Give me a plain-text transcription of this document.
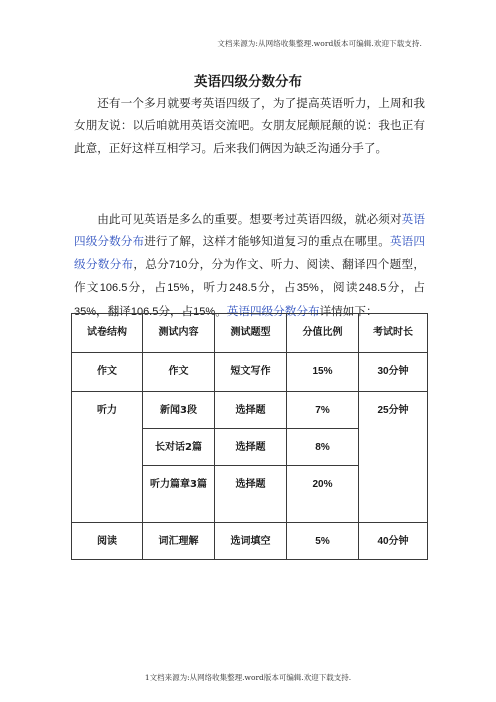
文档来源为:从网络收集整理.word版本可编辑.欢迎下载支持.
英语四级分数分布
还有一个多月就要考英语四级了，为了提高英语听力，上周和我女朋友说：以后咱就用英语交流吧。女朋友屁颠屁颠的说：我也正有此意，正好这样互相学习。后来我们俩因为缺乏沟通分手了。
由此可见英语是多么的重要。想要考过英语四级，就必须对英语四级分数分布进行了解，这样才能够知道复习的重点在哪里。英语四级分数分布，总分710分，分为作文、听力、阅读、翻译四个题型，作文106.5分，占15%，听力248.5分，占35%，阅读248.5分，占35%，翻译106.5分，占15%。英语四级分数分布详情如下：
试卷结构	测试内容	测试题型	分值比例	考试时长
作文	作文	短文写作	15%	30分钟
听力	新闻3段	选择题	7%	25分钟
	长对话2篇	选择题	8%	
	听力篇章3篇	选择题	20%	
阅读	词汇理解	选词填空	5%	40分钟

1文档来源为:从网络收集整理.word版本可编辑.欢迎下载支持.
